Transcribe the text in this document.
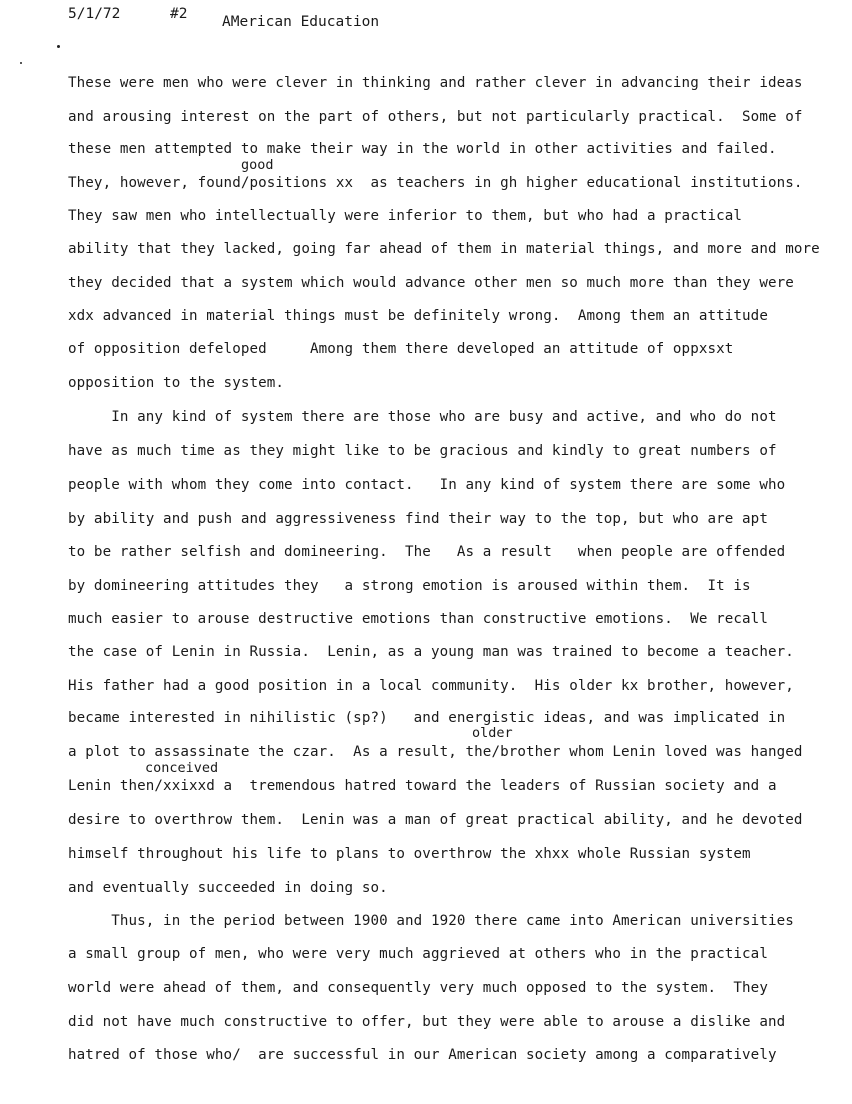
5/1/72	#2 AMerican Education
good
older
conceived
These were men who were clever in thinking and rather clever in advancing their ideas
and arousing interest on the part of others, but not particularly practical.  Some of
these men attempted to make their way in the world in other activities and failed.
They, however, found/positions xx  as teachers in gh higher educational institutions.
They saw men who intellectually were inferior to them, but who had a practical
ability that they lacked, going far ahead of them in material things, and more and more
they decided that a system which would advance other men so much more than they were
xdx advanced in material things must be definitely wrong.  Among them an attitude
of opposition defeloped     Among them there developed an attitude of oppxsxt
opposition to the system.
In any kind of system there are those who are busy and active, and who do not
have as much time as they might like to be gracious and kindly to great numbers of
people with whom they come into contact.   In any kind of system there are some who
by ability and push and aggressiveness find their way to the top, but who are apt
to be rather selfish and domineering.  The   As a result   when people are offended
by domineering attitudes they   a strong emotion is aroused within them.  It is
much easier to arouse destructive emotions than constructive emotions.  We recall
the case of Lenin in Russia.  Lenin, as a young man was trained to become a teacher.
His father had a good position in a local community.  His older kx brother, however,
became interested in nihilistic (sp?)   and energistic ideas, and was implicated in
a plot to assassinate the czar.  As a result, the/brother whom Lenin loved was hanged
Lenin then/xxixxd a  tremendous hatred toward the leaders of Russian society and a
desire to overthrow them.  Lenin was a man of great practical ability, and he devoted
himself throughout his life to plans to overthrow the xhxx whole Russian system
and eventually succeeded in doing so.
Thus, in the period between 1900 and 1920 there came into American universities
a small group of men, who were very much aggrieved at others who in the practical
world were ahead of them, and consequently very much opposed to the system.  They
did not have much constructive to offer, but they were able to arouse a dislike and
hatred of those who/  are successful in our American society among a comparatively
